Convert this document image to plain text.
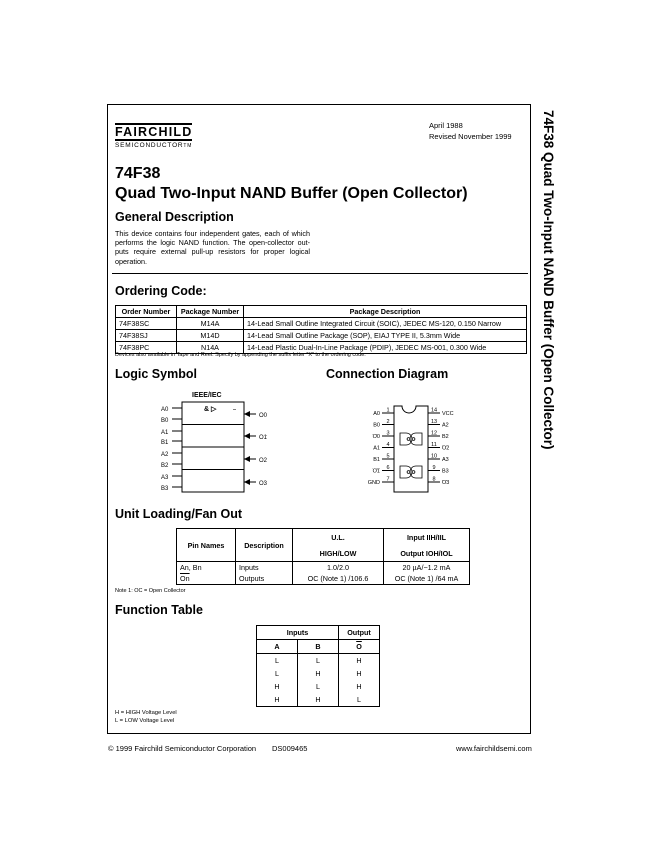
74F38 Quad Two-Input NAND Buffer (Open Collector)
FAIRCHILD
SEMICONDUCTORTM
April 1988
Revised November 1999
74F38
Quad Two-Input NAND Buffer (Open Collector)
General Description
This device contains four independent gates, each of which performs the logic NAND function. The open-collector out-puts require external pull-up resistors for proper logical operation.
Ordering Code:
Order Number	Package Number	Package Description
74F38SC	M14A	14-Lead Small Outline Integrated Circuit (SOIC), JEDEC MS-120, 0.150 Narrow
74F38SJ	M14D	14-Lead Small Outline Package (SOP), EIAJ TYPE II, 5.3mm Wide
74F38PC	N14A	14-Lead Plastic Dual-In-Line Package (PDIP), JEDEC MS-001, 0.300 Wide
Devices also available in Tape and Reel. Specify by appending the suffix letter “X” to the ordering code.
Logic Symbol	Connection Diagram
IEEE/IEC
& ▷	⎯
A0
B0
A1
B1
A2
B2
A3
B3
O0
O1
O2
O3
1
A0
2
B0
3
O0
4
A1
5
B1
6
O1
7
GND
14
VCC
13
A2
12
B2
11
O2
10
A3
9
B3
8
O3
Unit Loading/Fan Out
Pin Names	Description	U.L.	Input IIH/IIL
		HIGH/LOW	Output IOH/IOL
An, Bn	Inputs	1.0/2.0	20 µA/−1.2 mA
$\overline{On}$	Outputs	OC (Note 1) /106.6	OC (Note 1) /64 mA
Note 1: OC = Open Collector
Function Table
Inputs		Output
A	B	$\overline{O}$
L	L	H
L	H	H
H	L	H
H	H	L
H = HIGH Voltage Level
L = LOW Voltage Level
© 1999 Fairchild Semiconductor Corporation DS009465	www.fairchildsemi.com
